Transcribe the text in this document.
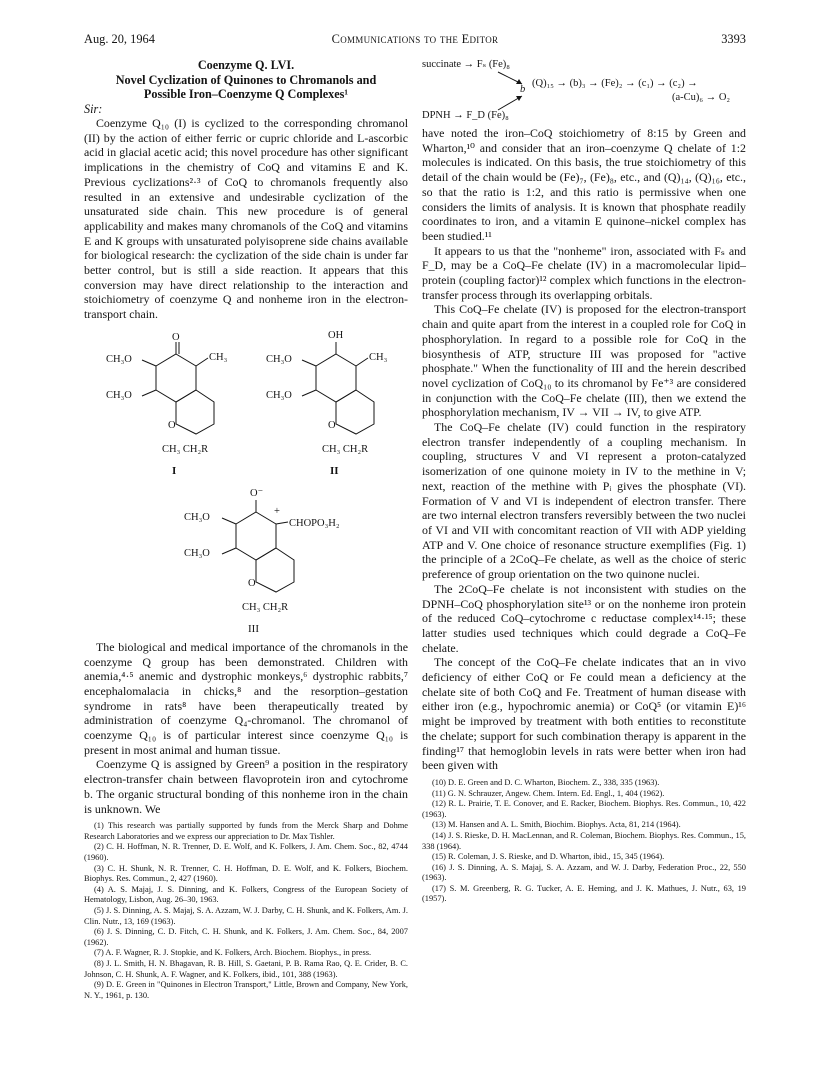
Aug. 20, 1964	Communications to the Editor	3393
Coenzyme Q. LVI.
Novel Cyclization of Quinones to Chromanols and
Possible Iron–Coenzyme Q Complexes¹
Sir:

Coenzyme Q₁₀ (I) is cyclized to the corresponding chromanol (II) by the action of either ferric or cupric chloride and L-ascorbic acid in glacial acetic acid; this novel procedure has other significant implications in the chemistry of CoQ and vitamins E and K. Previous cyclizations²·³ of CoQ to chromanols frequently also resulted in an extensive and undesirable cyclization of the unsaturated side chain. This new procedure is of general applicability and makes many chromanols of the CoQ and vitamins E and K groups with unsaturated polyisoprene side chains available for biological research: the cyclization of the side chain is under far better control, but is still a side reaction. It appears that this conversion may have direct relationship to the interaction and stoichiometry of coenzyme Q and nonheme iron in the electron-transport chain.

O
CH₃O
CH₃O
CH₃
O
CH₃ CH₂R
I
OH
CH₃O
CH₃O
CH₃
O
CH₃ CH₂R
II
O⁻
+
CH₃O
CH₃O
CHOPO₃H₂
O
CH₃ CH₂R
III

The biological and medical importance of the chromanols in the coenzyme Q group has been demonstrated. Children with anemia,⁴·⁵ anemic and dystrophic monkeys,⁶ dystrophic rabbits,⁷ encephalomalacia in chicks,⁸ and the resorption–gestation syndrome in rats⁸ have been therapeutically treated by administration of coenzyme Q₄-chromanol. The chromanol of coenzyme Q₁₀ is of particular interest since coenzyme Q₁₀ is present in most animal and human tissue.

Coenzyme Q is assigned by Green⁹ a position in the respiratory electron-transfer chain between flavoprotein iron and cytochrome b. The organic structural bonding of this nonheme iron in the chain is unknown. We

(1) This research was partially supported by funds from the Merck Sharp and Dohme Research Laboratories and we express our appreciation to Dr. Max Tishler.

(2) C. H. Hoffman, N. R. Trenner, D. E. Wolf, and K. Folkers, J. Am. Chem. Soc., 82, 4744 (1960).

(3) C. H. Shunk, N. R. Trenner, C. H. Hoffman, D. E. Wolf, and K. Folkers, Biochem. Biophys. Res. Commun., 2, 427 (1960).

(4) A. S. Majaj, J. S. Dinning, and K. Folkers, Congress of the European Society of Hematology, Lisbon, Aug. 26–30, 1963.

(5) J. S. Dinning, A. S. Majaj, S. A. Azzam, W. J. Darby, C. H. Shunk, and K. Folkers, Am. J. Clin. Nutr., 13, 169 (1963).

(6) J. S. Dinning, C. D. Fitch, C. H. Shunk, and K. Folkers, J. Am. Chem. Soc., 84, 2007 (1962).

(7) A. F. Wagner, R. J. Stopkie, and K. Folkers, Arch. Biochem. Biophys., in press.

(8) J. L. Smith, H. N. Bhagavan, R. B. Hill, S. Gaetani, P. B. Rama Rao, Q. E. Crider, B. C. Johnson, C. H. Shunk, A. F. Wagner, and K. Folkers, ibid., 101, 388 (1963).

(9) D. E. Green in "Quinones in Electron Transport," Little, Brown and Company, New York, N. Y., 1961, p. 130.

succinate → Fₛ (Fe)₈
b
(Q)₁₅ → (b)₃ → (Fe)₂ → (c₁) → (c₂) →
(a-Cu)₆ → O₂
DPNH → F_D (Fe)₈

have noted the iron–CoQ stoichiometry of 8:15 by Green and Wharton,¹⁰ and consider that an iron–coenzyme Q chelate of 1:2 molecules is indicated. On this basis, the true stoichiometry of this detail of the chain would be (Fe)₇, (Fe)₈, etc., and (Q)₁₄, (Q)₁₆, etc., so that the ratio is 1:2, and this ratio is permissive when one considers the limits of analysis. It is known that phosphate readily coordinates to iron, and a vitamin E quinone–nickel complex has been studied.¹¹

It appears to us that the "nonheme" iron, associated with Fₛ and F_D, may be a CoQ–Fe chelate (IV) in a macromolecular lipid–protein (coupling factor)¹² complex which functions in the electron-transfer process through its overlapping orbitals.

This CoQ–Fe chelate (IV) is proposed for the electron-transport chain and quite apart from the interest in a coupled role for CoQ in phosphorylation. In regard to a possible role for CoQ in the biosynthesis of ATP, structure III was proposed for "active phosphate." When the functionality of III and the herein described novel cyclization of CoQ₁₀ to its chromanol by Fe⁺³ are considered in conjunction with the CoQ–Fe chelate (III), then we extend the phosphorylation mechanism, IV → VII → IV, to give ATP.

The CoQ–Fe chelate (IV) could function in the respiratory electron transfer independently of a coupling mechanism. In coupling, structures V and VI represent a proton-catalyzed isomerization of one quinone moiety in IV to the methine in V; next, reaction of the methine with Pᵢ gives the phosphate (VI). Formation of V and VI is independent of electron transfer. There are two internal electron transfers reversibly between the two nuclei of VI and VII with concomitant reaction of VII with ADP yielding ATP and V. One choice of resonance structure exemplifies (Fig. 1) the principle of a 2CoQ–Fe chelate, as well as the choice of steric preference of group orientation on the two quinone nuclei.

The 2CoQ–Fe chelate is not inconsistent with studies on the DPNH–CoQ phosphorylation site¹³ or on the nonheme iron protein of the reduced CoQ–cytochrome c reductase complex¹⁴·¹⁵; these latter studies used techniques which could degrade a CoQ–Fe chelate.

The concept of the CoQ–Fe chelate indicates that an in vivo deficiency of either CoQ or Fe could mean a deficiency at the chelate site of both CoQ and Fe. Treatment of human disease with either iron (e.g., hypochromic anemia) or CoQ⁵ (or vitamin E)¹⁶ might be improved by treatment with both entities to reconstitute the chelate; support for such combination therapy is apparent in the finding¹⁷ that hemoglobin levels in rats were better when iron had been given with

(10) D. E. Green and D. C. Wharton, Biochem. Z., 338, 335 (1963).

(11) G. N. Schrauzer, Angew. Chem. Intern. Ed. Engl., 1, 404 (1962).

(12) R. L. Prairie, T. E. Conover, and E. Racker, Biochem. Biophys. Res. Commun., 10, 422 (1963).

(13) M. Hansen and A. L. Smith, Biochim. Biophys. Acta, 81, 214 (1964).

(14) J. S. Rieske, D. H. MacLennan, and R. Coleman, Biochem. Biophys. Res. Commun., 15, 338 (1964).

(15) R. Coleman, J. S. Rieske, and D. Wharton, ibid., 15, 345 (1964).

(16) J. S. Dinning, A. S. Majaj, S. A. Azzam, and W. J. Darby, Federation Proc., 22, 550 (1963).

(17) S. M. Greenberg, R. G. Tucker, A. E. Heming, and J. K. Mathues, J. Nutr., 63, 19 (1957).
